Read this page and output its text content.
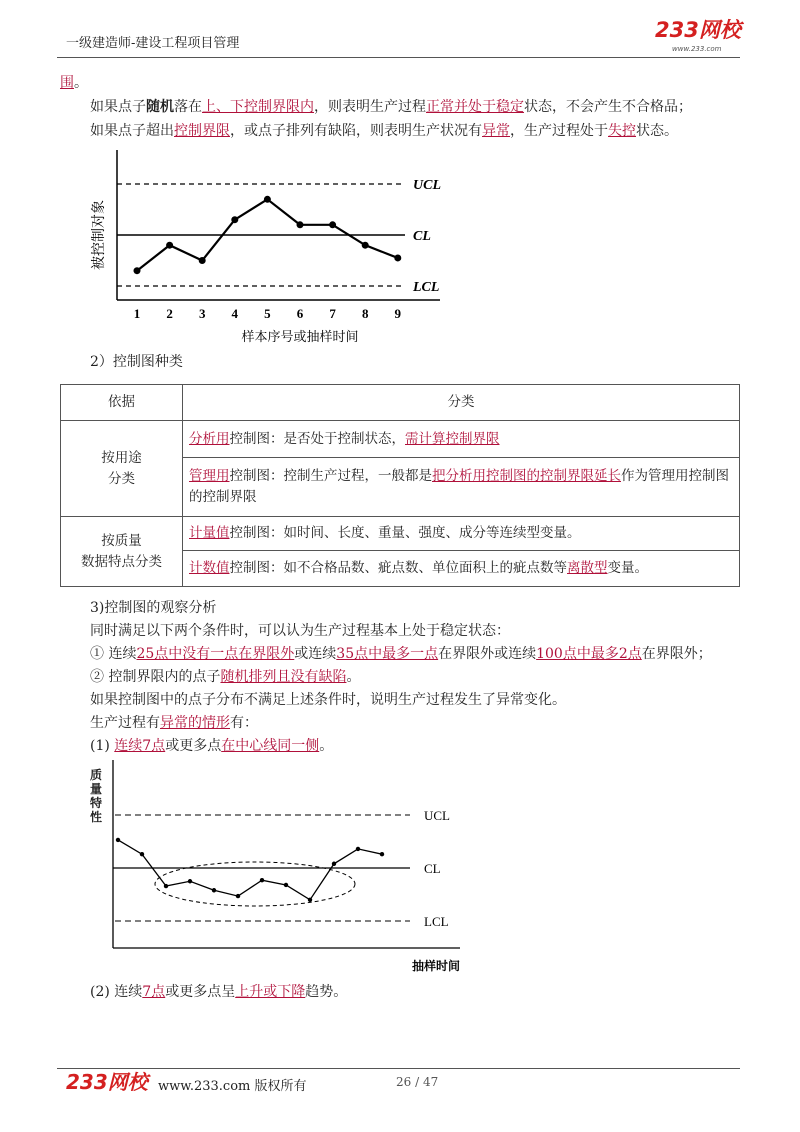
一级建造师-建设工程项目管理
233网校
www.233.com
围。
如果点子随机落在上、下控制界限内，则表明生产过程正常并处于稳定状态，不会产生不合格品；
如果点子超出控制界限，或点子排列有缺陷，则表明生产状况有异常，生产过程处于失控状态。
UCL
CL
LCL
1 2 3 4 5 6 7 8 9
样本序号或抽样时间
被控制对象
2）控制图种类
依据	分类
按用途
分类	分析用控制图：是否处于控制状态，需计算控制界限
	管理用控制图：控制生产过程，一般都是把分析用控制图的控制界限延长作为管理用控制图的控制界限
按质量
数据特点分类	计量值控制图：如时间、长度、重量、强度、成分等连续型变量。
	计数值控制图：如不合格品数、疵点数、单位面积上的疵点数等离散型变量。
3)控制图的观察分析
同时满足以下两个条件时，可以认为生产过程基本上处于稳定状态：
① 连续25点中没有一点在界限外或连续35点中最多一点在界限外或连续100点中最多2点在界限外；
② 控制界限内的点子随机排列且没有缺陷。
如果控制图中的点子分布不满足上述条件时，说明生产过程发生了异常变化。
生产过程有异常的情形有：
(1) 连续7点或更多点在中心线同一侧。
UCL
CL
LCL
抽样时间
质量特性
(2) 连续7点或更多点呈上升或下降趋势。
233网校 www.233.com 版权所有	26 / 47
